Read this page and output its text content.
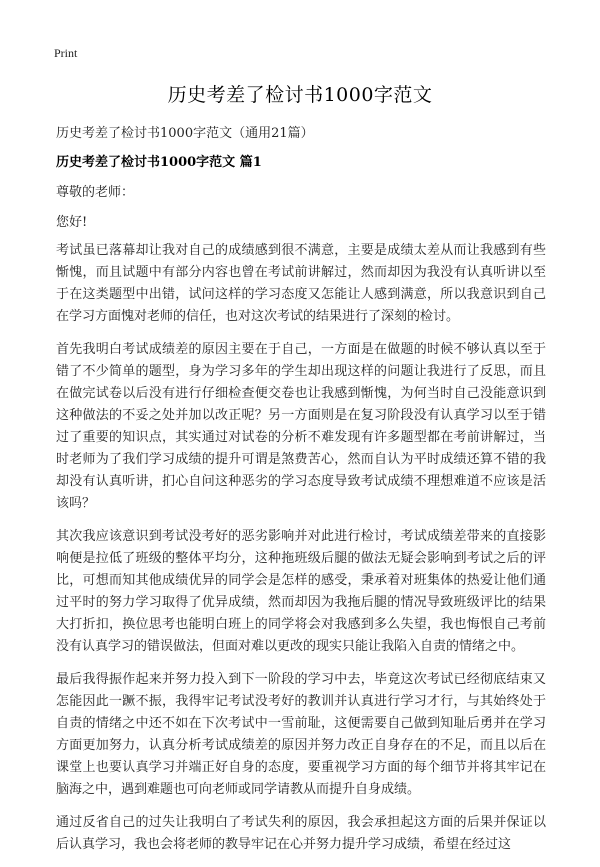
Print
历史考差了检讨书1000字范文
历史考差了检讨书1000字范文（通用21篇）
历史考差了检讨书1000字范文 篇1
尊敬的老师：
您好!

考试虽已落幕却让我对自己的成绩感到很不满意，主要是成绩太差从而让我感到有些惭愧，而且试题中有部分内容也曾在考试前讲解过，然而却因为我没有认真听讲以至于在这类题型中出错，试问这样的学习态度又怎能让人感到满意，所以我意识到自己在学习方面愧对老师的信任，也对这次考试的结果进行了深刻的检讨。

首先我明白考试成绩差的原因主要在于自己，一方面是在做题的时候不够认真以至于错了不少简单的题型，身为学习多年的学生却出现这样的问题让我进行了反思，而且在做完试卷以后没有进行仔细检查便交卷也让我感到惭愧，为何当时自己没能意识到这种做法的不妥之处并加以改正呢？另一方面则是在复习阶段没有认真学习以至于错过了重要的知识点，其实通过对试卷的分析不难发现有许多题型都在考前讲解过，当时老师为了我们学习成绩的提升可谓是煞费苦心，然而自认为平时成绩还算不错的我却没有认真听讲，扪心自问这种恶劣的学习态度导致考试成绩不理想难道不应该是活该吗？

其次我应该意识到考试没考好的恶劣影响并对此进行检讨，考试成绩差带来的直接影响便是拉低了班级的整体平均分，这种拖班级后腿的做法无疑会影响到考试之后的评比，可想而知其他成绩优异的同学会是怎样的感受，秉承着对班集体的热爱让他们通过平时的努力学习取得了优异成绩，然而却因为我拖后腿的情况导致班级评比的结果大打折扣，换位思考也能明白班上的同学将会对我感到多么失望，我也悔恨自己考前没有认真学习的错误做法，但面对难以更改的现实只能让我陷入自责的情绪之中。

最后我得振作起来并努力投入到下一阶段的学习中去，毕竟这次考试已经彻底结束又怎能因此一蹶不振，我得牢记考试没考好的教训并认真进行学习才行，与其始终处于自责的情绪之中还不如在下次考试中一雪前耻，这便需要自己做到知耻后勇并在学习方面更加努力，认真分析考试成绩差的原因并努力改正自身存在的不足，而且以后在课堂上也要认真学习并端正好自身的态度，要重视学习方面的每个细节并将其牢记在脑海之中，遇到难题也可向老师或同学请教从而提升自身成绩。

通过反省自己的过失让我明白了考试失利的原因，我会承担起这方面的后果并保证以后认真学习，我也会将老师的教导牢记在心并努力提升学习成绩，希望在经过这
